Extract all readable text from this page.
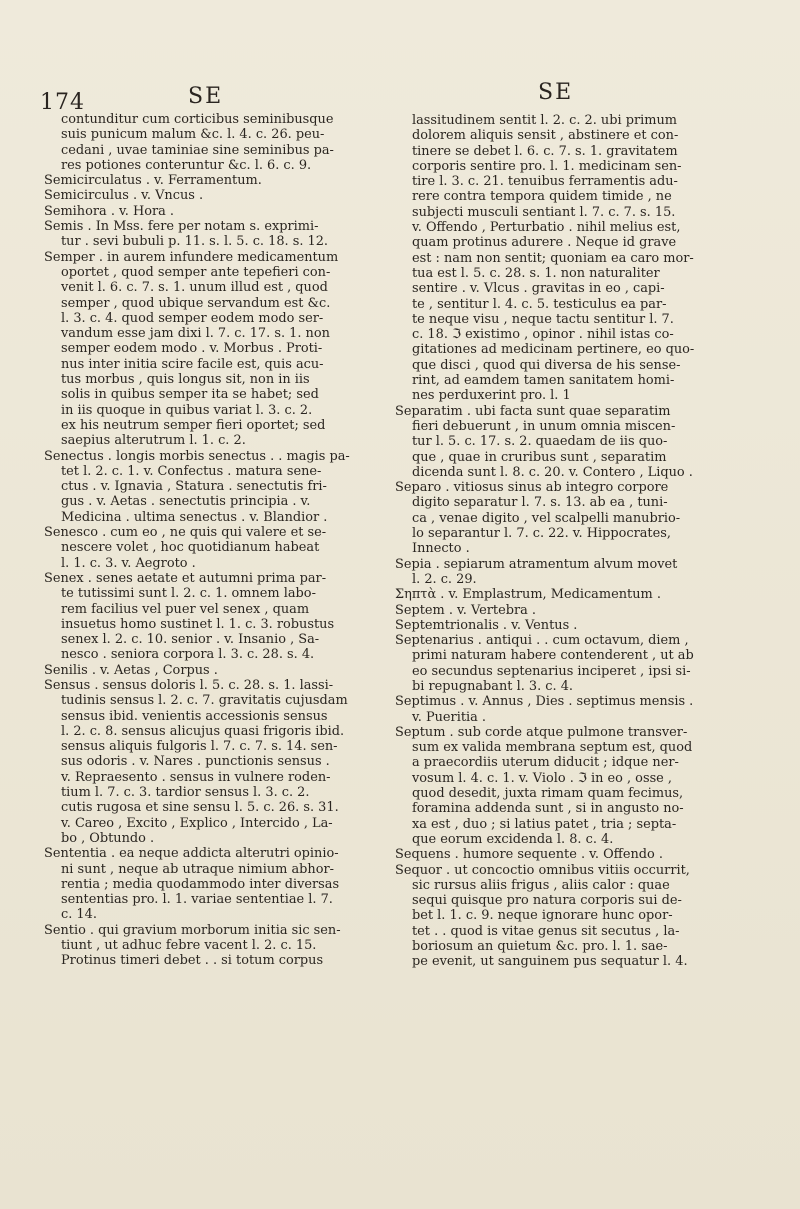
174	SE	SE
contunditur cum corticibus seminibusque
suis punicum malum &c. l. 4. c. 26. peu-
cedani , uvae taminiae sine seminibus pa-
res potiones conteruntur &c. l. 6. c. 9.
Semicirculatus . v. Ferramentum.
Semicirculus . v. Vncus .
Semihora . v. Hora .
Semis . In Mss. fere per notam s. exprimi-
tur . sevi bubuli p. 11. s. l. 5. c. 18. s. 12.
Semper . in aurem infundere medicamentum
oportet , quod semper ante tepefieri con-
venit l. 6. c. 7. s. 1. unum illud est , quod
semper , quod ubique servandum est &c.
l. 3. c. 4. quod semper eodem modo ser-
vandum esse jam dixi l. 7. c. 17. s. 1. non
semper eodem modo . v. Morbus . Proti-
nus inter initia scire facile est, quis acu-
tus morbus , quis longus sit, non in iis
solis in quibus semper ita se habet; sed
in iis quoque in quibus variat l. 3. c. 2.
ex his neutrum semper fieri oportet; sed
saepius alterutrum l. 1. c. 2.
Senectus . longis morbis senectus . . magis pa-
tet l. 2. c. 1. v. Confectus . matura sene-
ctus . v. Ignavia , Statura . senectutis fri-
gus . v. Aetas . senectutis principia . v.
Medicina . ultima senectus . v. Blandior .
Senesco . cum eo , ne quis qui valere et se-
nescere volet , hoc quotidianum habeat
l. 1. c. 3. v. Aegroto .
Senex . senes aetate et autumni prima par-
te tutissimi sunt l. 2. c. 1. omnem labo-
rem facilius vel puer vel senex , quam
insuetus homo sustinet l. 1. c. 3. robustus
senex l. 2. c. 10. senior . v. Insanio , Sa-
nesco . seniora corpora l. 3. c. 28. s. 4.
Senilis . v. Aetas , Corpus .
Sensus . sensus doloris l. 5. c. 28. s. 1. lassi-
tudinis sensus l. 2. c. 7. gravitatis cujusdam
sensus ibid. venientis accessionis sensus
l. 2. c. 8. sensus alicujus quasi frigoris ibid.
sensus aliquis fulgoris l. 7. c. 7. s. 14. sen-
sus odoris . v. Nares . punctionis sensus .
v. Repraesento . sensus in vulnere roden-
tium l. 7. c. 3. tardior sensus l. 3. c. 2.
cutis rugosa et sine sensu l. 5. c. 26. s. 31.
v. Careo , Excito , Explico , Intercido , La-
bo , Obtundo .
Sententia . ea neque addicta alterutri opinio-
ni sunt , neque ab utraque nimium abhor-
rentia ; media quodammodo inter diversas
sententias pro. l. 1. variae sententiae l. 7.
c. 14.
Sentio . qui gravium morborum initia sic sen-
tiunt , ut adhuc febre vacent l. 2. c. 15.
Protinus timeri debet . . si totum corpus
lassitudinem sentit l. 2. c. 2. ubi primum
dolorem aliquis sensit , abstinere et con-
tinere se debet l. 6. c. 7. s. 1. gravitatem
corporis sentire pro. l. 1. medicinam sen-
tire l. 3. c. 21. tenuibus ferramentis adu-
rere contra tempora quidem timide , ne
subjecti musculi sentiant l. 7. c. 7. s. 15.
v. Offendo , Perturbatio . nihil melius est,
quam protinus adurere . Neque id grave
est : nam non sentit; quoniam ea caro mor-
tua est l. 5. c. 28. s. 1. non naturaliter
sentire . v. Vlcus . gravitas in eo , capi-
te , sentitur l. 4. c. 5. testiculus ea par-
te neque visu , neque tactu sentitur l. 7.
c. 18. ℑ existimo , opinor . nihil istas co-
gitationes ad medicinam pertinere, eo quo-
que disci , quod qui diversa de his sense-
rint, ad eamdem tamen sanitatem homi-
nes perduxerint pro. l. 1
Separatim . ubi facta sunt quae separatim
fieri debuerunt , in unum omnia miscen-
tur l. 5. c. 17. s. 2. quaedam de iis quo-
que , quae in cruribus sunt , separatim
dicenda sunt l. 8. c. 20. v. Contero , Liquo .
Separo . vitiosus sinus ab integro corpore
digito separatur l. 7. s. 13. ab ea , tuni-
ca , venae digito , vel scalpelli manubrio-
lo separantur l. 7. c. 22. v. Hippocrates,
Innecto .
Sepia . sepiarum atramentum alvum movet
l. 2. c. 29.
Σηπτὰ . v. Emplastrum, Medicamentum .
Septem . v. Vertebra .
Septemtrionalis . v. Ventus .
Septenarius . antiqui . . cum octavum, diem ,
primi naturam habere contenderent , ut ab
eo secundus septenarius inciperet , ipsi si-
bi repugnabant l. 3. c. 4.
Septimus . v. Annus , Dies . septimus mensis .
v. Pueritia .
Septum . sub corde atque pulmone transver-
sum ex valida membrana septum est, quod
a praecordiis uterum diducit ; idque ner-
vosum l. 4. c. 1. v. Violo . ℑ in eo , osse ,
quod desedit, juxta rimam quam fecimus,
foramina addenda sunt , si in angusto no-
xa est , duo ; si latius patet , tria ; septa-
que eorum excidenda l. 8. c. 4.
Sequens . humore sequente . v. Offendo .
Sequor . ut concoctio omnibus vitiis occurrit,
sic rursus aliis frigus , aliis calor : quae
sequi quisque pro natura corporis sui de-
bet l. 1. c. 9. neque ignorare hunc opor-
tet . . quod is vitae genus sit secutus , la-
boriosum an quietum &c. pro. l. 1. sae-
pe evenit, ut sanguinem pus sequatur l. 4.
